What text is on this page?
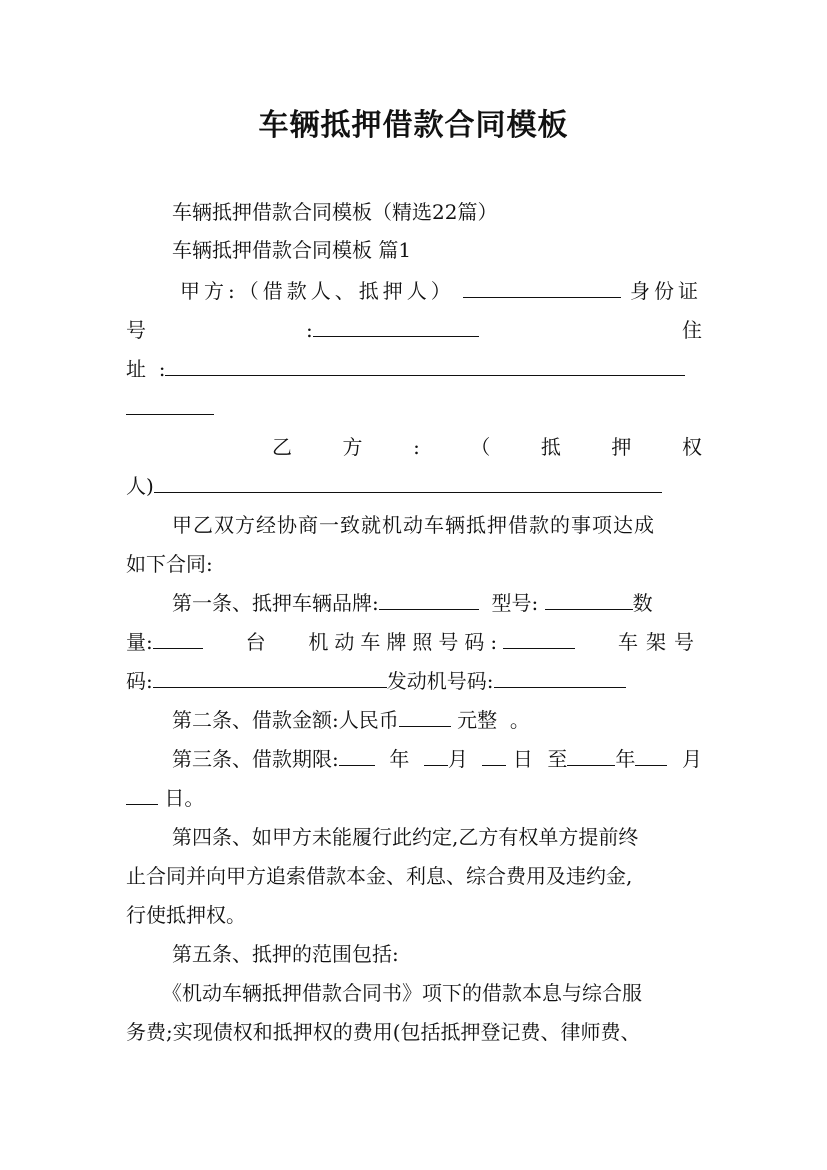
车辆抵押借款合同模板

车辆抵押借款合同模板（精选22篇）

车辆抵押借款合同模板 篇1

甲方:（借款人、抵押人）	身份证

号	:	住

址 :

乙	方	:	（	抵	押	权

人)

甲乙双方经协商一致就机动车辆抵押借款的事项达成

如下合同:

第一条、抵押车辆品牌:	型号:	数

量:	台 机动车牌照号码:	车架号

码:	发动机号码:

第二条、借款金额:人民币	元整 。

第三条、借款期限:	年	月	日 至 年	月

日。

第四条、如甲方未能履行此约定,乙方有权单方提前终

止合同并向甲方追索借款本金、利息、综合费用及违约金,

行使抵押权。

第五条、抵押的范围包括:

《机动车辆抵押借款合同书》项下的借款本息与综合服

务费;实现债权和抵押权的费用(包括抵押登记费、律师费、
